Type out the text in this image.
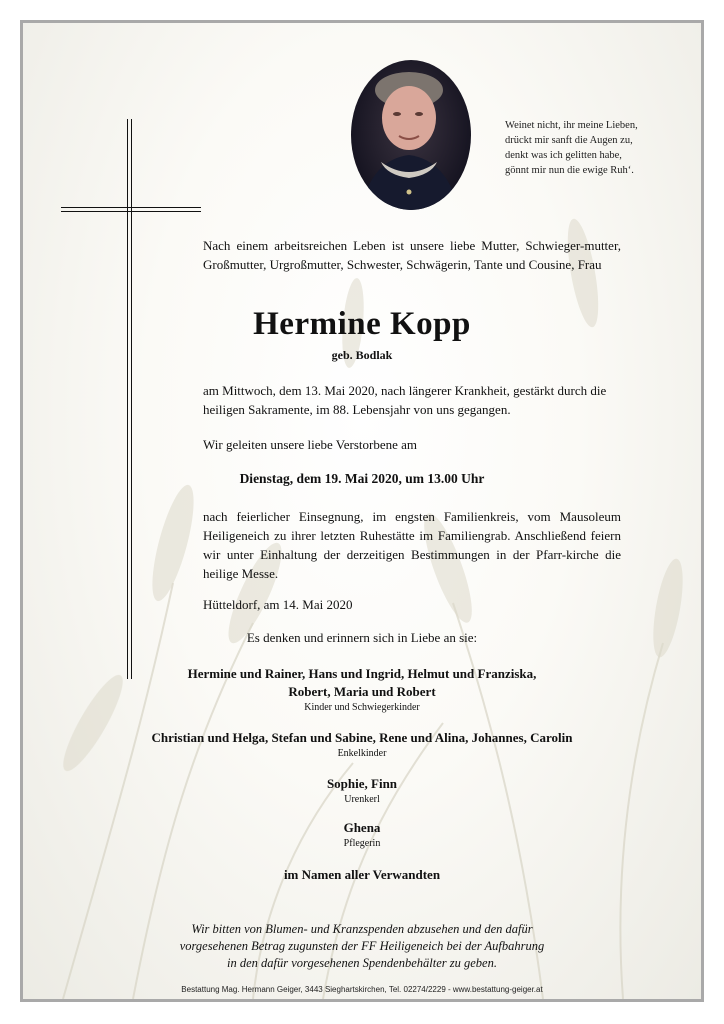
Weinet nicht, ihr meine Lieben,
drückt mir sanft die Augen zu,
denkt was ich gelitten habe,
gönnt mir nun die ewige Ruh‘.
Nach einem arbeitsreichen Leben ist unsere liebe Mutter, Schwieger-mutter, Großmutter, Urgroßmutter, Schwester, Schwägerin, Tante und Cousine, Frau
Hermine Kopp
geb. Bodlak
am Mittwoch, dem 13. Mai 2020, nach längerer Krankheit, gestärkt durch die heiligen Sakramente, im 88. Lebensjahr von uns gegangen.
Wir geleiten unsere liebe Verstorbene am
Dienstag, dem 19. Mai 2020, um 13.00 Uhr
nach feierlicher Einsegnung, im engsten Familienkreis, vom Mausoleum Heiligeneich zu ihrer letzten Ruhestätte im Familiengrab. Anschließend feiern wir unter Einhaltung der derzeitigen Bestimmungen in der Pfarr-kirche die heilige Messe.
Hütteldorf, am 14. Mai 2020
Es denken und erinnern sich in Liebe an sie:
Hermine und Rainer, Hans und Ingrid, Helmut und Franziska,
Robert, Maria und Robert
Kinder und Schwiegerkinder
Christian und Helga, Stefan und Sabine, Rene und Alina, Johannes, Carolin
Enkelkinder
Sophie, Finn
Urenkerl
Ghena
Pflegerin
im Namen aller Verwandten
Wir bitten von Blumen- und Kranzspenden abzusehen und den dafür
vorgesehenen Betrag zugunsten der FF Heiligeneich bei der Aufbahrung
in den dafür vorgesehenen Spendenbehälter zu geben.
Bestattung Mag. Hermann Geiger, 3443 Sieghartskirchen, Tel. 02274/2229 - www.bestattung-geiger.at
